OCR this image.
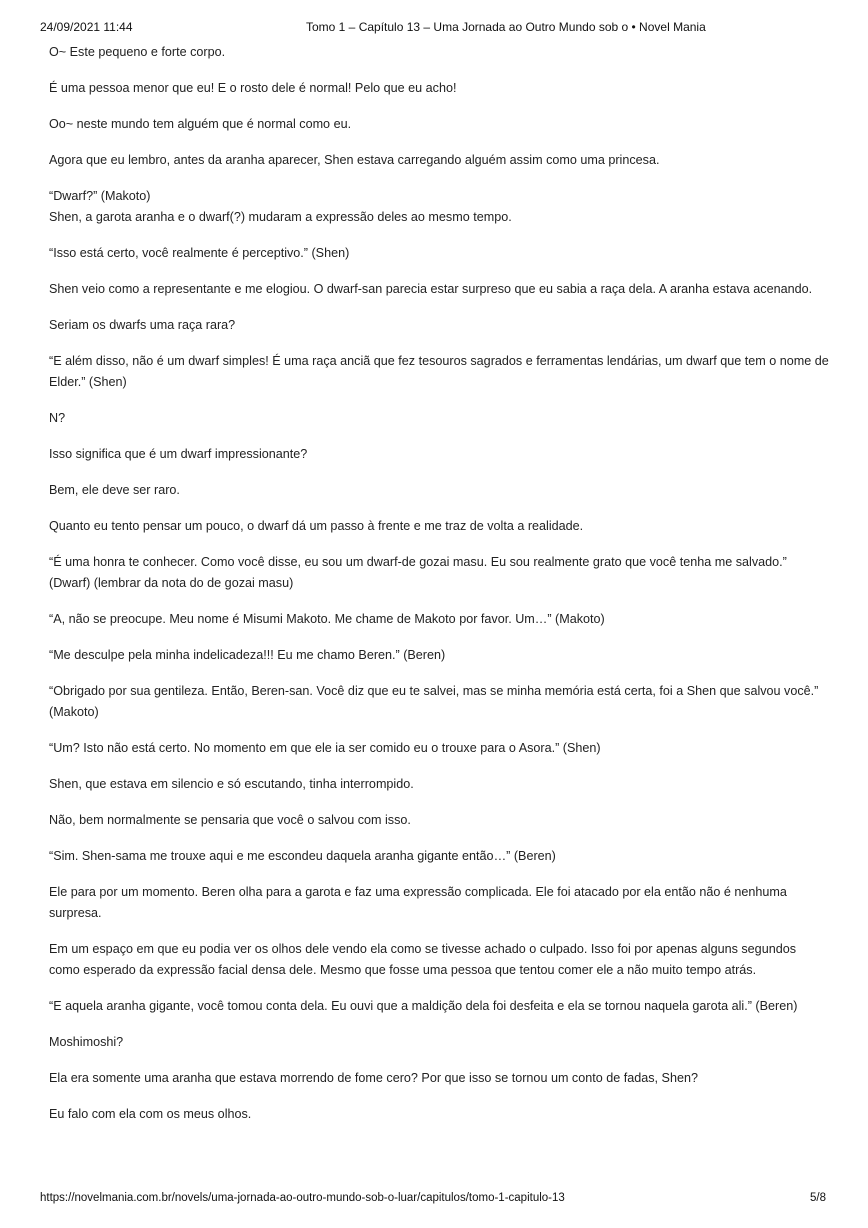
24/09/2021 11:44	Tomo 1 – Capítulo 13 – Uma Jornada ao Outro Mundo sob o • Novel Mania

O~ Este pequeno e forte corpo.

É uma pessoa menor que eu! E o rosto dele é normal! Pelo que eu acho!

Oo~ neste mundo tem alguém que é normal como eu.

Agora que eu lembro, antes da aranha aparecer, Shen estava carregando alguém assim como uma princesa.

“Dwarf?” (Makoto)

Shen, a garota aranha e o dwarf(?) mudaram a expressão deles ao mesmo tempo.

“Isso está certo, você realmente é perceptivo.” (Shen)

Shen veio como a representante e me elogiou. O dwarf-san parecia estar surpreso que eu sabia a raça dela. A aranha estava acenando.

Seriam os dwarfs uma raça rara?

“E além disso, não é um dwarf simples! É uma raça anciã que fez tesouros sagrados e ferramentas lendárias, um dwarf que tem o nome de Elder.” (Shen)

N?

Isso significa que é um dwarf impressionante?

Bem, ele deve ser raro.

Quanto eu tento pensar um pouco, o dwarf dá um passo à frente e me traz de volta a realidade.

“É uma honra te conhecer. Como você disse, eu sou um dwarf-de gozai masu. Eu sou realmente grato que você tenha me salvado.” (Dwarf) (lembrar da nota do de gozai masu)

“A, não se preocupe. Meu nome é Misumi Makoto. Me chame de Makoto por favor. Um…” (Makoto)

“Me desculpe pela minha indelicadeza!!! Eu me chamo Beren.” (Beren)

“Obrigado por sua gentileza. Então, Beren-san. Você diz que eu te salvei, mas se minha memória está certa, foi a Shen que salvou você.” (Makoto)

“Um? Isto não está certo. No momento em que ele ia ser comido eu o trouxe para o Asora.” (Shen)

Shen, que estava em silencio e só escutando, tinha interrompido.

Não, bem normalmente se pensaria que você o salvou com isso.

“Sim. Shen-sama me trouxe aqui e me escondeu daquela aranha gigante então…” (Beren)

Ele para por um momento. Beren olha para a garota e faz uma expressão complicada. Ele foi atacado por ela então não é nenhuma surpresa.

Em um espaço em que eu podia ver os olhos dele vendo ela como se tivesse achado o culpado. Isso foi por apenas alguns segundos como esperado da expressão facial densa dele. Mesmo que fosse uma pessoa que tentou comer ele a não muito tempo atrás.

“E aquela aranha gigante, você tomou conta dela. Eu ouvi que a maldição dela foi desfeita e ela se tornou naquela garota ali.” (Beren)

Moshimoshi?

Ela era somente uma aranha que estava morrendo de fome cero? Por que isso se tornou um conto de fadas, Shen?

Eu falo com ela com os meus olhos.

https://novelmania.com.br/novels/uma-jornada-ao-outro-mundo-sob-o-luar/capitulos/tomo-1-capitulo-13	5/8
